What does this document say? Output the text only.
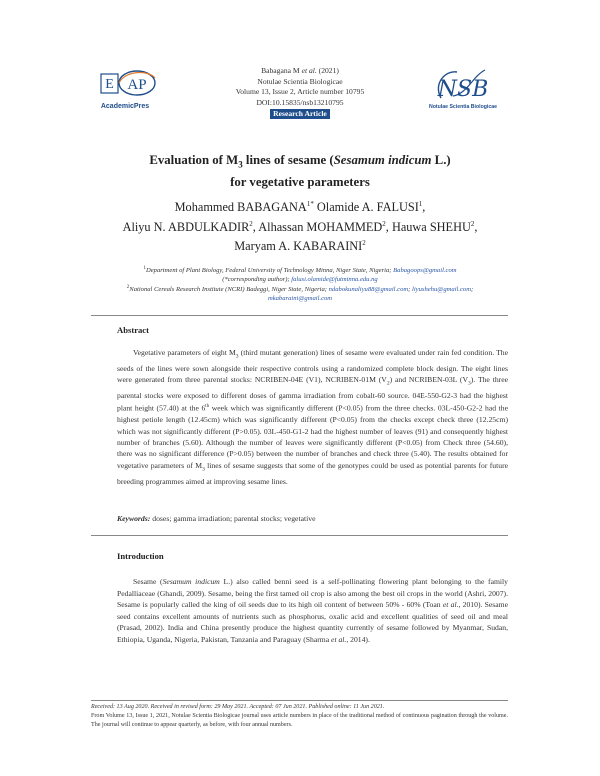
E AP
AcademicPres
Babagana M et al. (2021)
Notulae Scientia Biologicae
Volume 13, Issue 2, Article number 10795
DOI:10.15835/nsb13210795
Research Article
NSB
Notulae Scientia Biologicae
Evaluation of $M_3$ lines of sesame (Sesamum indicum L.)
for vegetative parameters
Mohammed $BABAGANA^{1*}$ Olamide A. FALUSI$^1$,
Aliyu N. ABDULKADIR$^2$, Alhassan MOHAMMED$^2$, Hauwa SHEHU$^2$,
Maryam A. KABARAINI$^2$
$^1$Department of Plant Biology, Federal University of Technology Minna, Niger State, Nigeria; Babagoops@gmail.com
(*corresponding author); falusi.olamide@futminna.edu.ng
$^2$National Cereals Research Institute (NCRI) Badeggi, Niger State, Nigeria; ndabokunaliyu88@gmail.com; liyushehu@gmail.com;
mkabaraini@gmail.com
Abstract
Vegetative parameters of eight $M_3$ (third mutant generation) lines of sesame were evaluated under rain fed condition. The seeds of the lines were sown alongside their respective controls using a randomized complete block design. The eight lines were generated from three parental stocks: NCRIBEN-04E (V1), NCRIBEN-01M $(V_2)$ and NCRIBEN-03L $(V_3)$. The three parental stocks were exposed to different doses of gamma irradiation from cobalt-60 source. 04E-550-G2-3 had the highest plant height (57.40) at the 6th week which was significantly different (P<0.05) from the three checks. 03L-450-G2-2 had the highest petiole length (12.45cm) which was significantly different (P<0.05) from the checks except check three (12.25cm) which was not significantly different (P>0.05). 03L-450-G1-2 had the highest number of leaves (91) and consequently highest number of branches (5.60). Although the number of leaves were significantly different (P<0.05) from Check three (54.60), there was no significant difference (P>0.05) between the number of branches and check three (5.40). The results obtained for vegetative parameters of $M_3$ lines of sesame suggests that some of the genotypes could be used as potential parents for future breeding programmes aimed at improving sesame lines.
Keywords: doses; gamma irradiation; parental stocks; vegetative
Introduction
Sesame (Sesamum indicum L.) also called benni seed is a self-pollinating flowering plant belonging to the family Pedalliaceae (Ghandi, 2009). Sesame, being the first tamed oil crop is also among the best oil crops in the world (Ashri, 2007). Sesame is popularly called the king of oil seeds due to its high oil content of between 50% - 60% (Toan et al., 2010). Sesame seed contains excellent amounts of nutrients such as phosphorus, oxalic acid and excellent qualities of seed oil and meal (Prasad, 2002). India and China presently produce the highest quantity currently of sesame followed by Myanmar, Sudan, Ethiopia, Uganda, Nigeria, Pakistan, Tanzania and Paraguay (Sharma et al., 2014).
Received: 13 Aug 2020. Received in revised form: 29 May 2021. Accepted: 07 Jun 2021. Published online: 11 Jun 2021.
From Volume 13, Issue 1, 2021, Notulae Scientia Biologicae journal uses article numbers in place of the traditional method of continuous pagination through the volume. The journal will continue to appear quarterly, as before, with four annual numbers.
